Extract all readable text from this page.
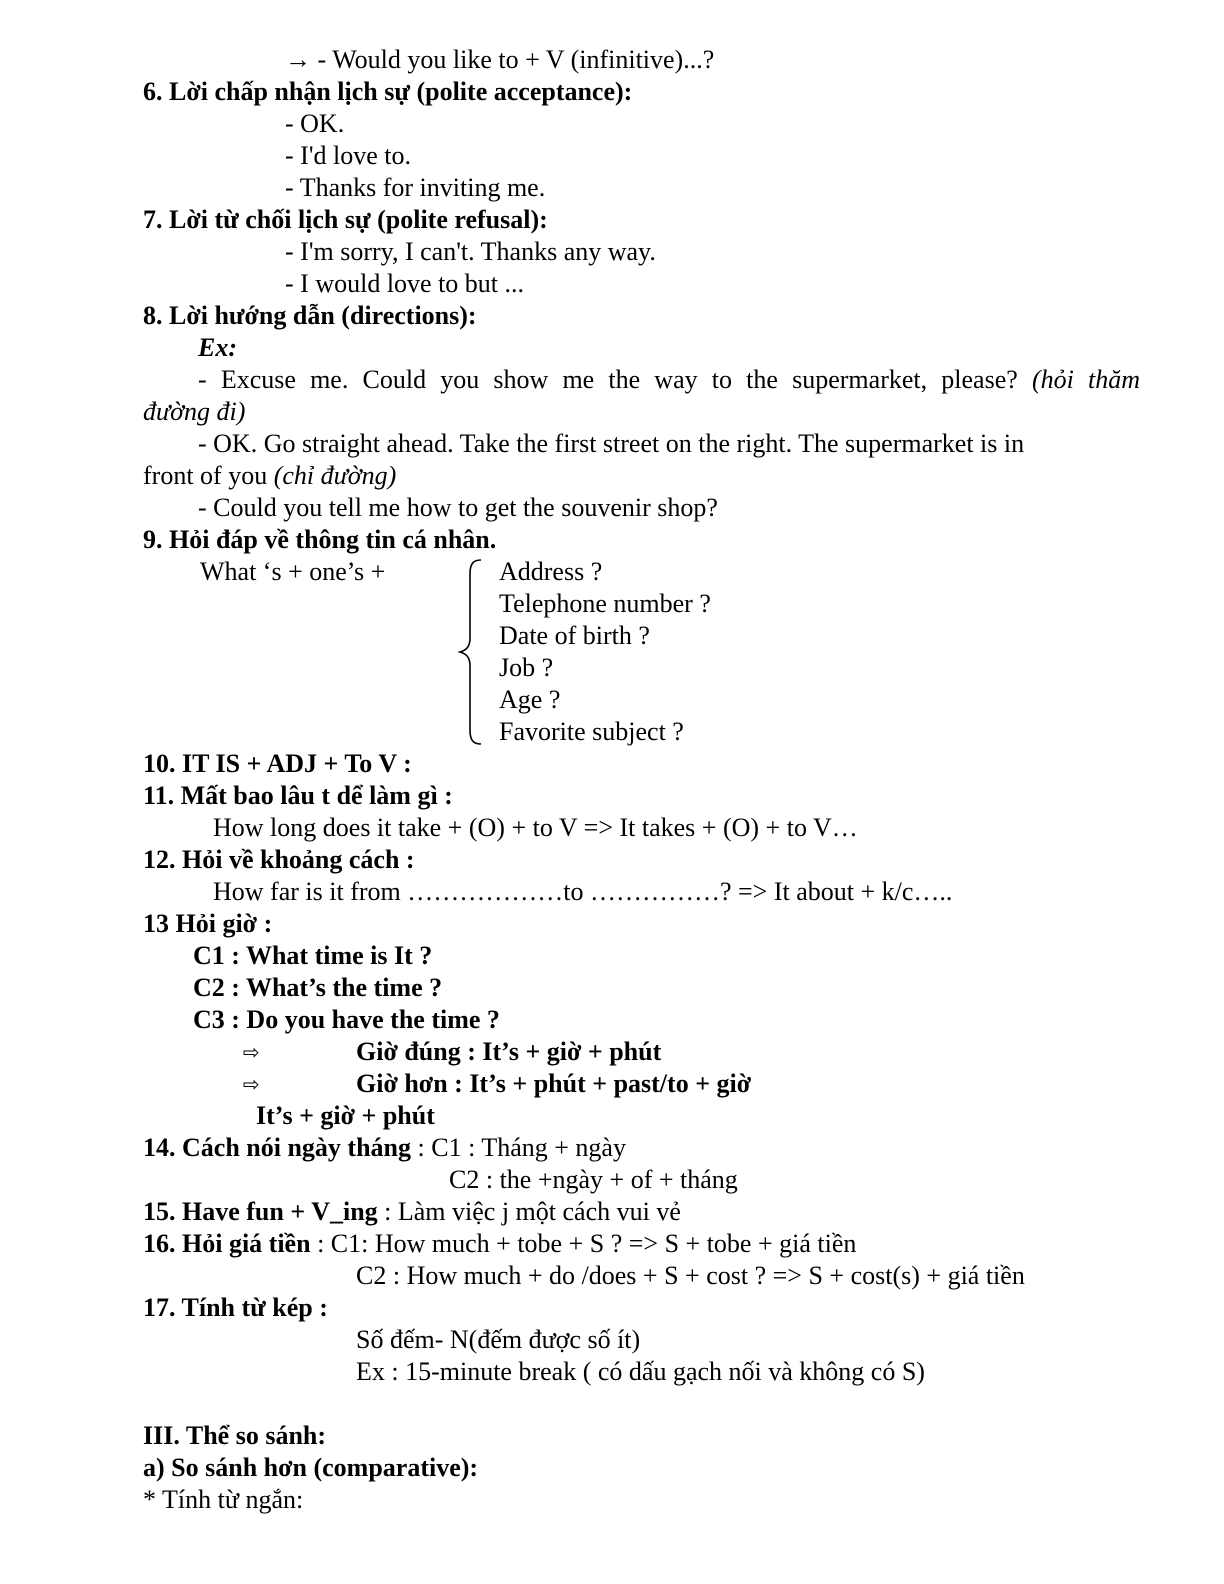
→ - Would you like to + V (infinitive)...?
6. Lời chấp nhận lịch sự (polite acceptance):
- OK.
- I'd love to.
- Thanks for inviting me.
7. Lời từ chối lịch sự (polite refusal):
- I'm sorry, I can't. Thanks any way.
- I would love to but ...
8. Lời hướng dẫn (directions):
Ex:
- Excuse me. Could you show me the way to the supermarket, please? (hỏi thăm
đường đi)
- OK. Go straight ahead. Take the first street on the right. The supermarket is in
front of you (chỉ đường)
- Could you tell me how to get the souvenir shop?
9. Hỏi đáp về thông tin cá nhân.
What ‘s + one’s +	Address ?
Telephone number ?
Date of birth ?
Job ?
Age ?
Favorite subject ?
10. IT IS + ADJ + To V :
11. Mất bao lâu t dể làm gì :
How long does it take + (O) + to V => It takes + (O) + to V…
12. Hỏi về khoảng cách :
How far is it from ………………to ……………? => It about + k/c…..
13 Hỏi giờ :
C1 : What time is It ?
C2 : What’s the time ?
C3 : Do you have the time ?
⇨	Giờ đúng : It’s + giờ + phút
⇨	Giờ hơn : It’s + phút + past/to + giờ
It’s + giờ + phút
14. Cách nói ngày tháng : C1 : Tháng + ngày
C2 : the +ngày + of + tháng
15. Have fun + V_ing : Làm việc j một cách vui vẻ
16. Hỏi giá tiền : C1: How much + tobe + S ? => S + tobe + giá tiền
C2 : How much + do /does + S + cost ? => S + cost(s) + giá tiền
17. Tính từ kép :
Số đếm- N(đếm được số ít)
Ex : 15-minute break ( có dấu gạch nối và không có S)
III. Thể so sánh:
a) So sánh hơn (comparative):
* Tính từ ngắn:
